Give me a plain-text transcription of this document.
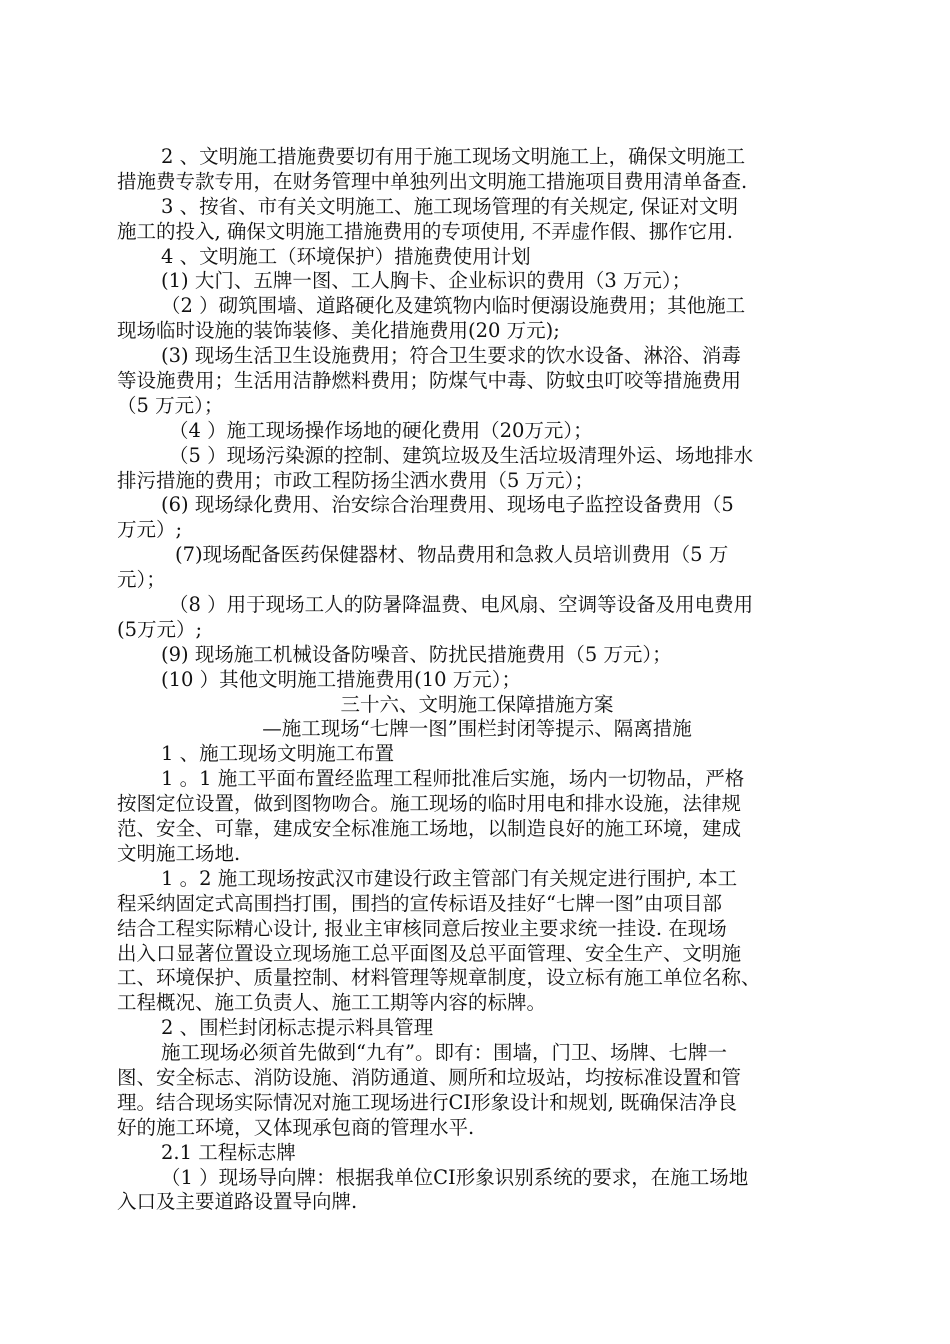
2 、文明施工措施费要切有用于施工现场文明施工上，确保文明施工
措施费专款专用，在财务管理中单独列出文明施工措施项目费用清单备查.
3 、按省、市有关文明施工、施工现场管理的有关规定, 保证对文明
施工的投入, 确保文明施工措施费用的专项使用, 不弄虚作假、挪作它用.
4 、文明施工（环境保护）措施费使用计划
(1) 大门、五牌一图、工人胸卡、企业标识的费用（3 万元）；
（2 ）砌筑围墙、道路硬化及建筑物内临时便溺设施费用；其他施工
现场临时设施的装饰装修、美化措施费用(20 万元);
(3) 现场生活卫生设施费用；符合卫生要求的饮水设备、淋浴、消毒
等设施费用；生活用洁静燃料费用；防煤气中毒、防蚊虫叮咬等措施费用
（5 万元）；
（4 ）施工现场操作场地的硬化费用（20万元）；
（5 ）现场污染源的控制、建筑垃圾及生活垃圾清理外运、场地排水
排污措施的费用；市政工程防扬尘洒水费用（5 万元）；
(6) 现场绿化费用、治安综合治理费用、现场电子监控设备费用（5
万元）;
(7)现场配备医药保健器材、物品费用和急救人员培训费用（5 万
元）；
（8 ）用于现场工人的防暑降温费、电风扇、空调等设备及用电费用
(5万元）;
(9) 现场施工机械设备防噪音、防扰民措施费用（5 万元）；
(10 ）其他文明施工措施费用(10 万元）；
三十六、文明施工保障措施方案
—施工现场“七牌一图”围栏封闭等提示、隔离措施
1 、施工现场文明施工布置
1 。1 施工平面布置经监理工程师批准后实施，场内一切物品，严格
按图定位设置，做到图物吻合。施工现场的临时用电和排水设施，法律规
范、安全、可靠，建成安全标准施工场地，以制造良好的施工环境，建成
文明施工场地.
1 。2 施工现场按武汉市建设行政主管部门有关规定进行围护, 本工
程采纳固定式高围挡打围，围挡的宣传标语及挂好“七牌一图”由项目部
结合工程实际精心设计, 报业主审核同意后按业主要求统一挂设. 在现场
出入口显著位置设立现场施工总平面图及总平面管理、安全生产、文明施
工、环境保护、质量控制、材料管理等规章制度，设立标有施工单位名称、
工程概况、施工负责人、施工工期等内容的标牌。
2 、围栏封闭标志提示料具管理
施工现场必须首先做到“九有”。即有：围墙，门卫、场牌、七牌一
图、安全标志、消防设施、消防通道、厕所和垃圾站，均按标准设置和管
理。结合现场实际情况对施工现场进行CI形象设计和规划, 既确保洁净良
好的施工环境，又体现承包商的管理水平.
2.1 工程标志牌
（1 ）现场导向牌：根据我单位CI形象识别系统的要求，在施工场地
入口及主要道路设置导向牌.
